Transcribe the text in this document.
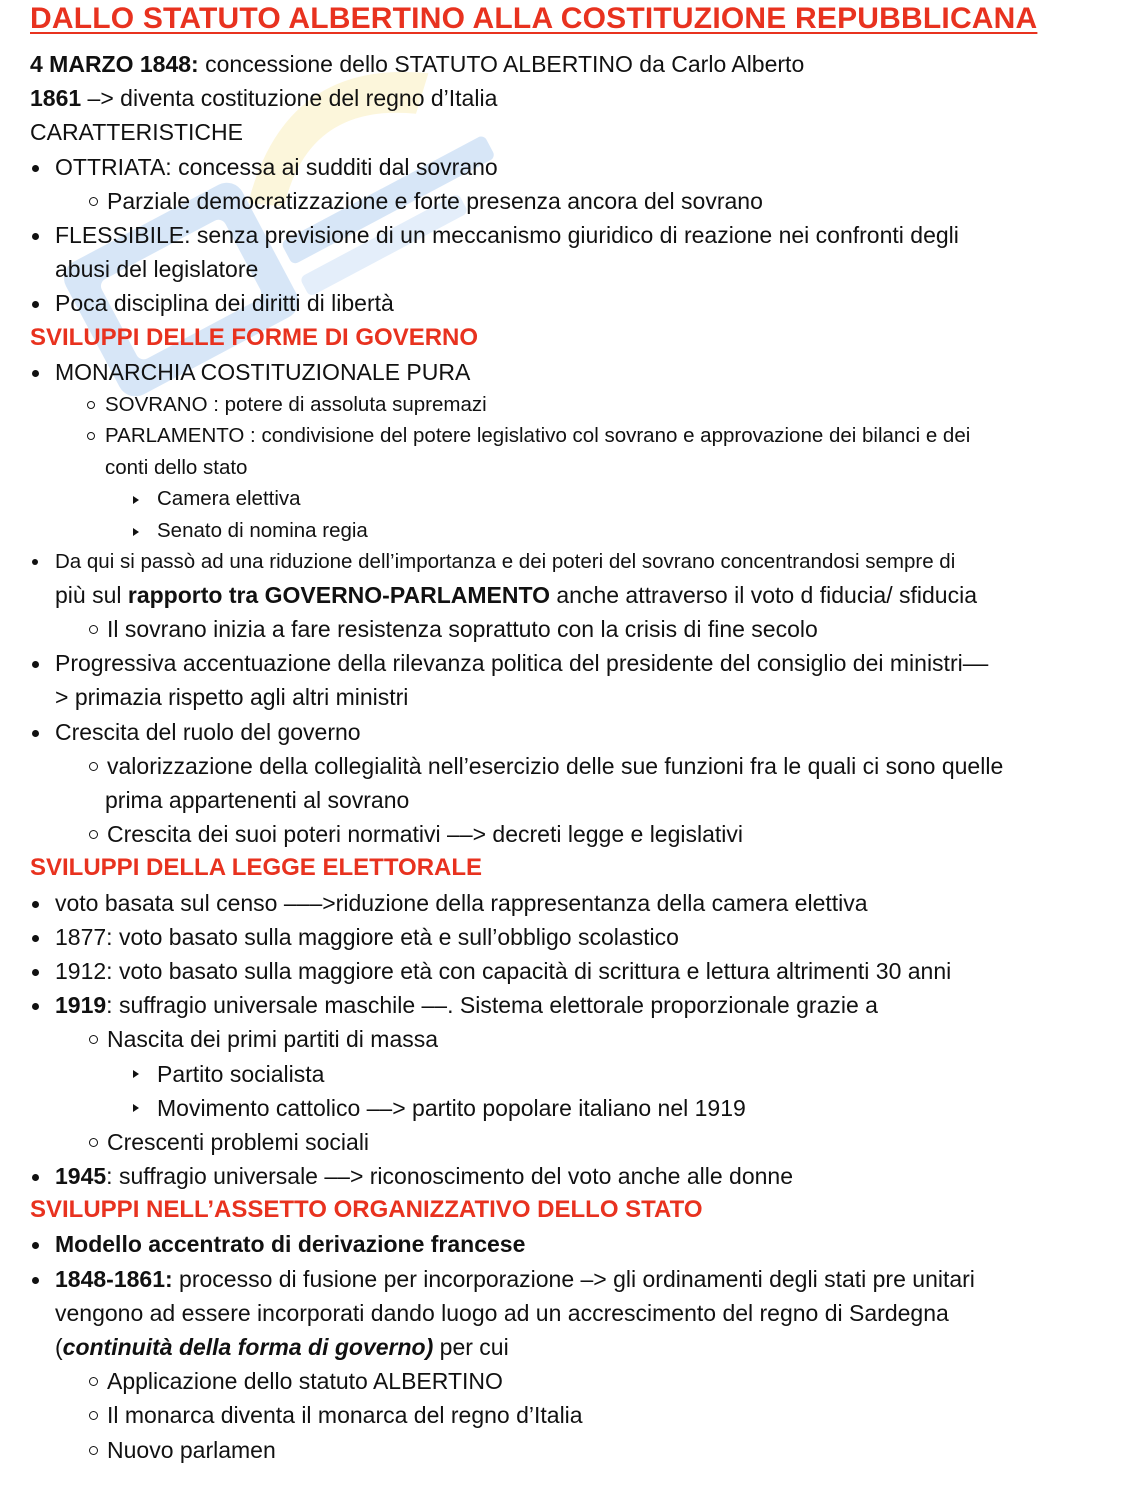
DALLO STATUTO ALBERTINO ALLA COSTITUZIONE REPUBBLICANA
4 MARZO 1848: concessione dello STATUTO ALBERTINO da Carlo Alberto
1861 –> diventa costituzione del regno d’Italia
CARATTERISTICHE
OTTRIATA: concessa ai sudditi dal sovrano
Parziale democratizzazione e forte presenza ancora del sovrano
FLESSIBILE: senza previsione di un meccanismo giuridico di reazione nei confronti degli
abusi del legislatore
Poca disciplina dei diritti di libertà
SVILUPPI DELLE FORME DI GOVERNO
MONARCHIA COSTITUZIONALE PURA
SOVRANO : potere di assoluta supremazi
PARLAMENTO : condivisione del potere legislativo col sovrano e approvazione dei bilanci e dei
conti dello stato
Camera elettiva
Senato di nomina regia
Da qui si passò ad una riduzione dell’importanza e dei poteri del sovrano concentrandosi sempre di
più sul rapporto tra GOVERNO-PARLAMENTO anche attraverso il voto d fiducia/ sfiducia
Il sovrano inizia a fare resistenza soprattuto con la crisis di fine secolo
Progressiva accentuazione della rilevanza politica del presidente del consiglio dei ministri––
> primazia rispetto agli altri ministri
Crescita del ruolo del governo
valorizzazione della collegialità nell’esercizio delle sue funzioni fra le quali ci sono quelle
prima appartenenti al sovrano
Crescita dei suoi poteri normativi ––> decreti legge e legislativi
SVILUPPI DELLA LEGGE ELETTORALE
voto basata sul censo –––>riduzione della rappresentanza della camera elettiva
1877: voto basato sulla maggiore età e sull’obbligo scolastico
1912: voto basato sulla maggiore età con capacità di scrittura e lettura altrimenti 30 anni
1919: suffragio universale maschile ––. Sistema elettorale proporzionale grazie a
Nascita dei primi partiti di massa
Partito socialista
Movimento cattolico ––> partito popolare italiano nel 1919
Crescenti problemi sociali
1945: suffragio universale ––> riconoscimento del voto anche alle donne
SVILUPPI NELL’ASSETTO ORGANIZZATIVO DELLO STATO
Modello accentrato di derivazione francese
1848-1861: processo di fusione per incorporazione –> gli ordinamenti degli stati pre unitari
vengono ad essere incorporati dando luogo ad un accrescimento del regno di Sardegna
(continuità della forma di governo) per cui
Applicazione dello statuto ALBERTINO
Il monarca diventa il monarca del regno d’Italia
Nuovo parlamen
